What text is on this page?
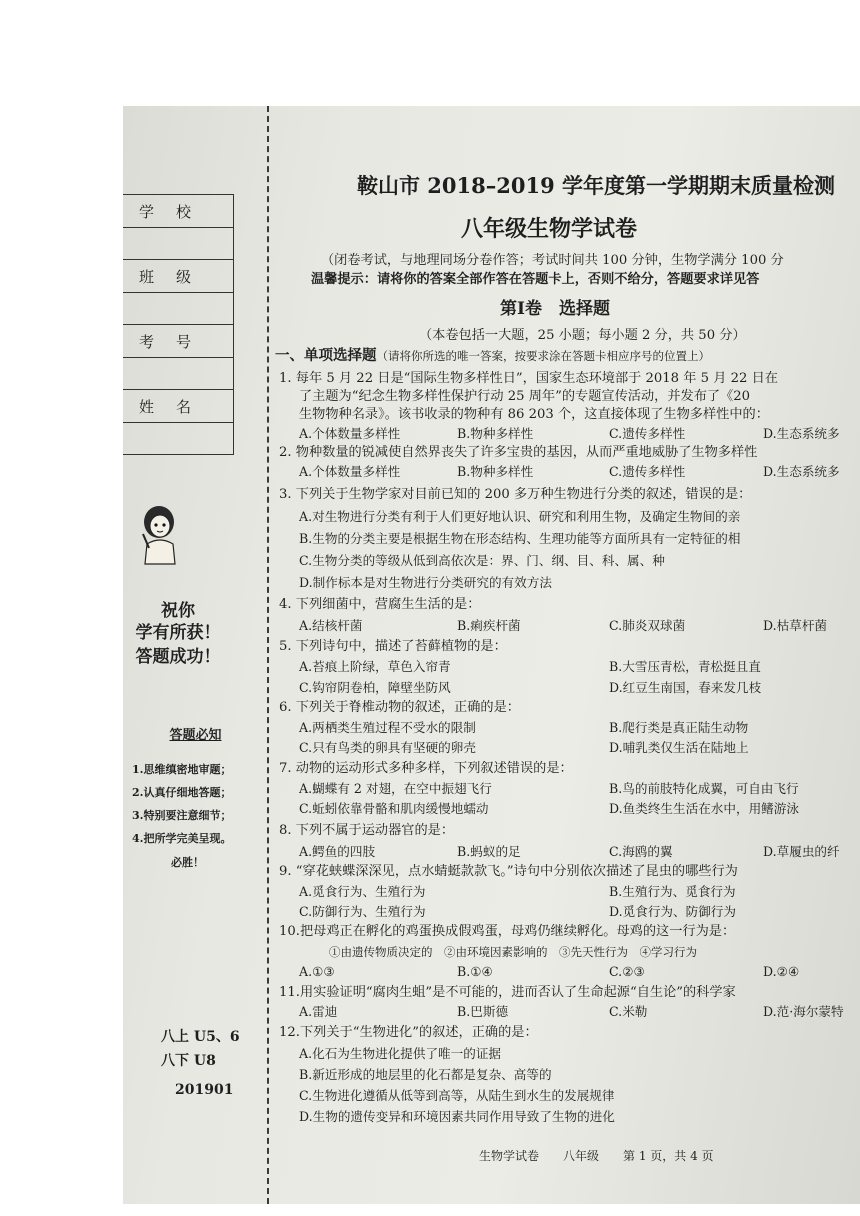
学校
班级
考号
姓名
祝你
学有所获！
答题成功！
答题必知
1.思维缜密地审题；
2.认真仔细地答题；
3.特别要注意细节；
4.把所学完美呈现。
必胜！
八上 U5、6
八下 U8
201901
鞍山市 2018–2019 学年度第一学期期末质量检测
八年级生物学试卷
（闭卷考试，与地理同场分卷作答；考试时间共 100 分钟，生物学满分 100 分
温馨提示：请将你的答案全部作答在答题卡上，否则不给分，答题要求详见答
第Ⅰ卷　选择题
（本卷包括一大题，25 小题；每小题 2 分，共 50 分）
一、单项选择题（请将你所选的唯一答案，按要求涂在答题卡相应序号的位置上）
1. 每年 5 月 22 日是“国际生物多样性日”，国家生态环境部于 2018 年 5 月 22 日在
了主题为“纪念生物多样性保护行动 25 周年”的专题宣传活动，并发布了《20
生物物种名录》。该书收录的物种有 86 203 个，这直接体现了生物多样性中的：
A.个体数量多样性	B.物种多样性	C.遗传多样性	D.生态系统多
2. 物种数量的锐减使自然界丧失了许多宝贵的基因，从而严重地威胁了生物多样性
A.个体数量多样性	B.物种多样性	C.遗传多样性	D.生态系统多
3. 下列关于生物学家对目前已知的 200 多万种生物进行分类的叙述，错误的是：
A.对生物进行分类有利于人们更好地认识、研究和利用生物，及确定生物间的亲
B.生物的分类主要是根据生物在形态结构、生理功能等方面所具有一定特征的相
C.生物分类的等级从低到高依次是：界、门、纲、目、科、属、种
D.制作标本是对生物进行分类研究的有效方法
4. 下列细菌中，营腐生生活的是：
A.结核杆菌	B.痢疾杆菌	C.肺炎双球菌	D.枯草杆菌
5. 下列诗句中，描述了苔藓植物的是：
A.苔痕上阶绿，草色入帘青	B.大雪压青松，青松挺且直
C.钩帘阴卷柏，障壁坐防风	D.红豆生南国，春来发几枝
6. 下列关于脊椎动物的叙述，正确的是：
A.两栖类生殖过程不受水的限制	B.爬行类是真正陆生动物
C.只有鸟类的卵具有坚硬的卵壳	D.哺乳类仅生活在陆地上
7. 动物的运动形式多种多样，下列叙述错误的是：
A.蝴蝶有 2 对翅，在空中振翅飞行	B.鸟的前肢特化成翼，可自由飞行
C.蚯蚓依靠骨骼和肌肉缓慢地蠕动	D.鱼类终生生活在水中，用鳍游泳
8. 下列不属于运动器官的是：
A.鳄鱼的四肢	B.蚂蚁的足	C.海鸥的翼	D.草履虫的纤
9. “穿花蛱蝶深深见，点水蜻蜓款款飞。”诗句中分别依次描述了昆虫的哪些行为
A.觅食行为、生殖行为	B.生殖行为、觅食行为
C.防御行为、生殖行为	D.觅食行为、防御行为
10.把母鸡正在孵化的鸡蛋换成假鸡蛋，母鸡仍继续孵化。母鸡的这一行为是：
①由遗传物质决定的　②由环境因素影响的　③先天性行为　④学习行为
A.①③	B.①④	C.②③	D.②④
11.用实验证明“腐肉生蛆”是不可能的，进而否认了生命起源“自生论”的科学家
A.雷迪	B.巴斯德	C.米勒	D.范·海尔蒙特
12.下列关于“生物进化”的叙述，正确的是：
A.化石为生物进化提供了唯一的证据
B.新近形成的地层里的化石都是复杂、高等的
C.生物进化遵循从低等到高等，从陆生到水生的发展规律
D.生物的遗传变异和环境因素共同作用导致了生物的进化
生物学试卷　　八年级　　第 1 页，共 4 页
